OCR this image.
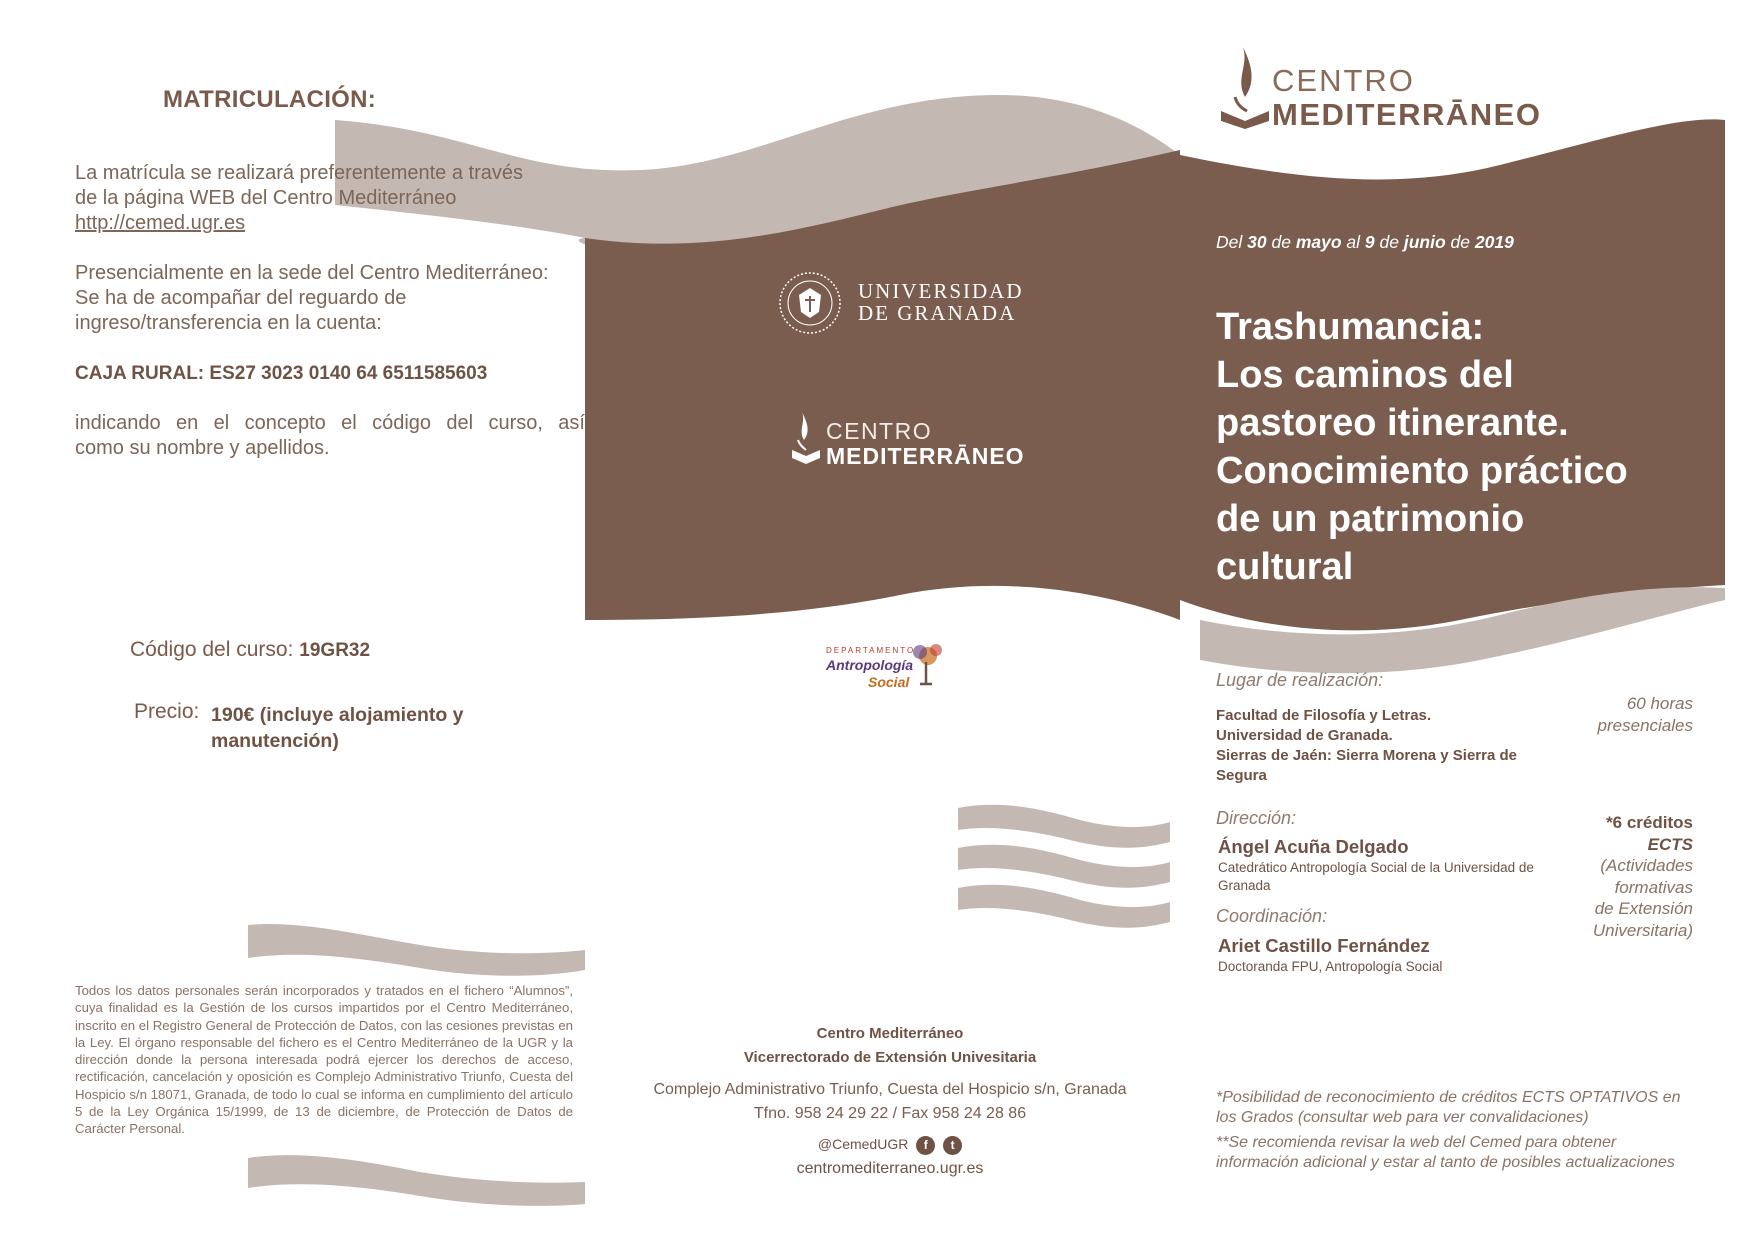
MATRICULACIÓN:
La matrícula se realizará preferentemente a través
de la página WEB del Centro Mediterráneo
http://cemed.ugr.es
Presencialmente en la sede del Centro Mediterráneo:
Se ha de acompañar del reguardo de
ingreso/transferencia en la cuenta:
CAJA RURAL: ES27 3023 0140 64 6511585603
indicando en el concepto el código del curso, así
como su nombre y apellidos.
Código del curso: 19GR32
Precio: 190€ (incluye alojamiento y manutención)
Todos los datos personales serán incorporados y tratados en el fichero “Alumnos”, cuya finalidad es la Gestión de los cursos impartidos por el Centro Mediterráneo, inscrito en el Registro General de Protección de Datos, con las cesiones previstas en la Ley. El órgano responsable del fichero es el Centro Mediterráneo de la UGR y la dirección donde la persona interesada podrá ejercer los derechos de acceso, rectificación, cancelación y oposición es Complejo Administrativo Triunfo, Cuesta del Hospicio s/n 18071, Granada, de todo lo cual se informa en cumplimiento del artículo 5 de la Ley Orgánica 15/1999, de 13 de diciembre, de Protección de Datos de Carácter Personal.
UNIVERSIDAD
DE GRANADA
CENTRO
MEDITERRĀNEO
DEPARTAMENTO
Antropología
Social
Centro Mediterráneo
Vicerrectorado de Extensión Univesitaria
Complejo Administrativo Triunfo, Cuesta del Hospicio s/n, Granada
Tfno. 958 24 29 22 / Fax 958 24 28 86
@CemedUGR f t
centromediterraneo.ugr.es
CENTRO
MEDITERRĀNEO
Del 30 de mayo al 9 de junio de 2019
Trashumancia:
Los caminos del
pastoreo itinerante.
Conocimiento práctico
de un patrimonio
cultural
Lugar de realización:
Facultad de Filosofía y Letras.
Universidad de Granada.
Sierras de Jaén: Sierra Morena y Sierra de Segura
60 horas
presenciales
Dirección:
Ángel Acuña Delgado
Catedrático Antropología Social de la Universidad de Granada
Coordinación:
Ariet Castillo Fernández
Doctoranda FPU, Antropología Social
*6 créditos
ECTS
(Actividades
formativas
de Extensión
Universitaria)
*Posibilidad de reconocimiento de créditos ECTS OPTATIVOS en los Grados (consultar web para ver convalidaciones)
**Se recomienda revisar la web del Cemed para obtener información adicional y estar al tanto de posibles actualizaciones
